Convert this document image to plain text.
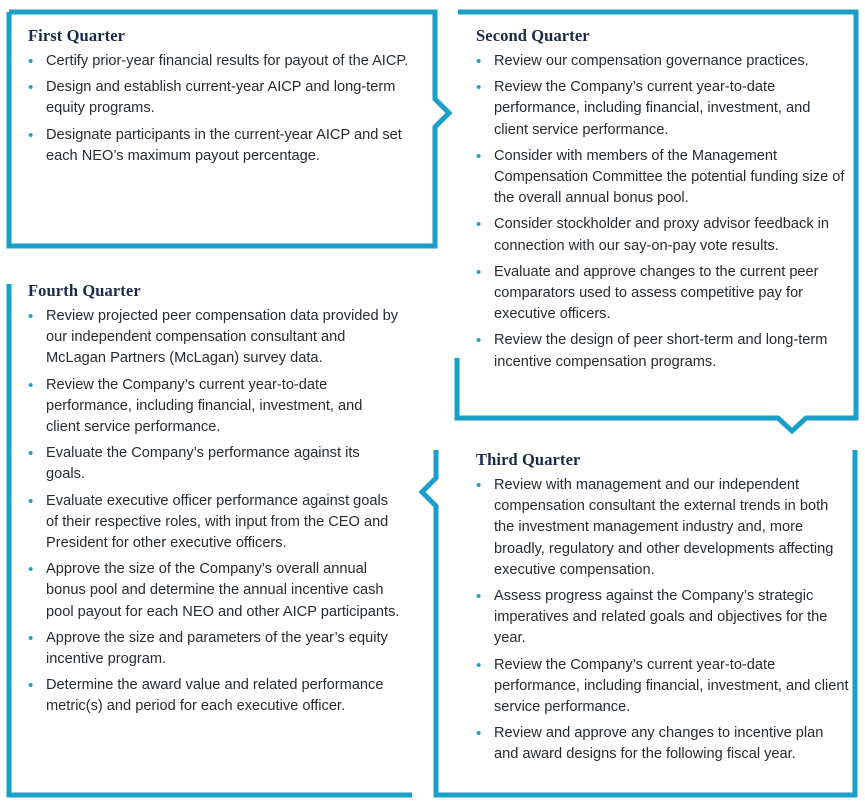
First Quarter
• Certify prior-year financial results for payout of the AICP.
• Design and establish current-year AICP and long-term equity programs.
• Designate participants in the current-year AICP and set each NEO’s maximum payout percentage.
Second Quarter
• Review our compensation governance practices.
• Review the Company’s current year-to-date performance, including financial, investment, and client service performance.
• Consider with members of the Management Compensation Committee the potential funding size of the overall annual bonus pool.
• Consider stockholder and proxy advisor feedback in connection with our say-on-pay vote results.
• Evaluate and approve changes to the current peer comparators used to assess competitive pay for executive officers.
• Review the design of peer short-term and long-term incentive compensation programs.
Third Quarter
• Review with management and our independent compensation consultant the external trends in both the investment management industry and, more broadly, regulatory and other developments affecting executive compensation.
• Assess progress against the Company’s strategic imperatives and related goals and objectives for the year.
• Review the Company’s current year-to-date performance, including financial, investment, and client service performance.
• Review and approve any changes to incentive plan and award designs for the following fiscal year.
Fourth Quarter
• Review projected peer compensation data provided by our independent compensation consultant and McLagan Partners (McLagan) survey data.
• Review the Company’s current year-to-date performance, including financial, investment, and client service performance.
• Evaluate the Company’s performance against its goals.
• Evaluate executive officer performance against goals of their respective roles, with input from the CEO and President for other executive officers.
• Approve the size of the Company’s overall annual bonus pool and determine the annual incentive cash pool payout for each NEO and other AICP participants.
• Approve the size and parameters of the year’s equity incentive program.
• Determine the award value and related performance metric(s) and period for each executive officer.
